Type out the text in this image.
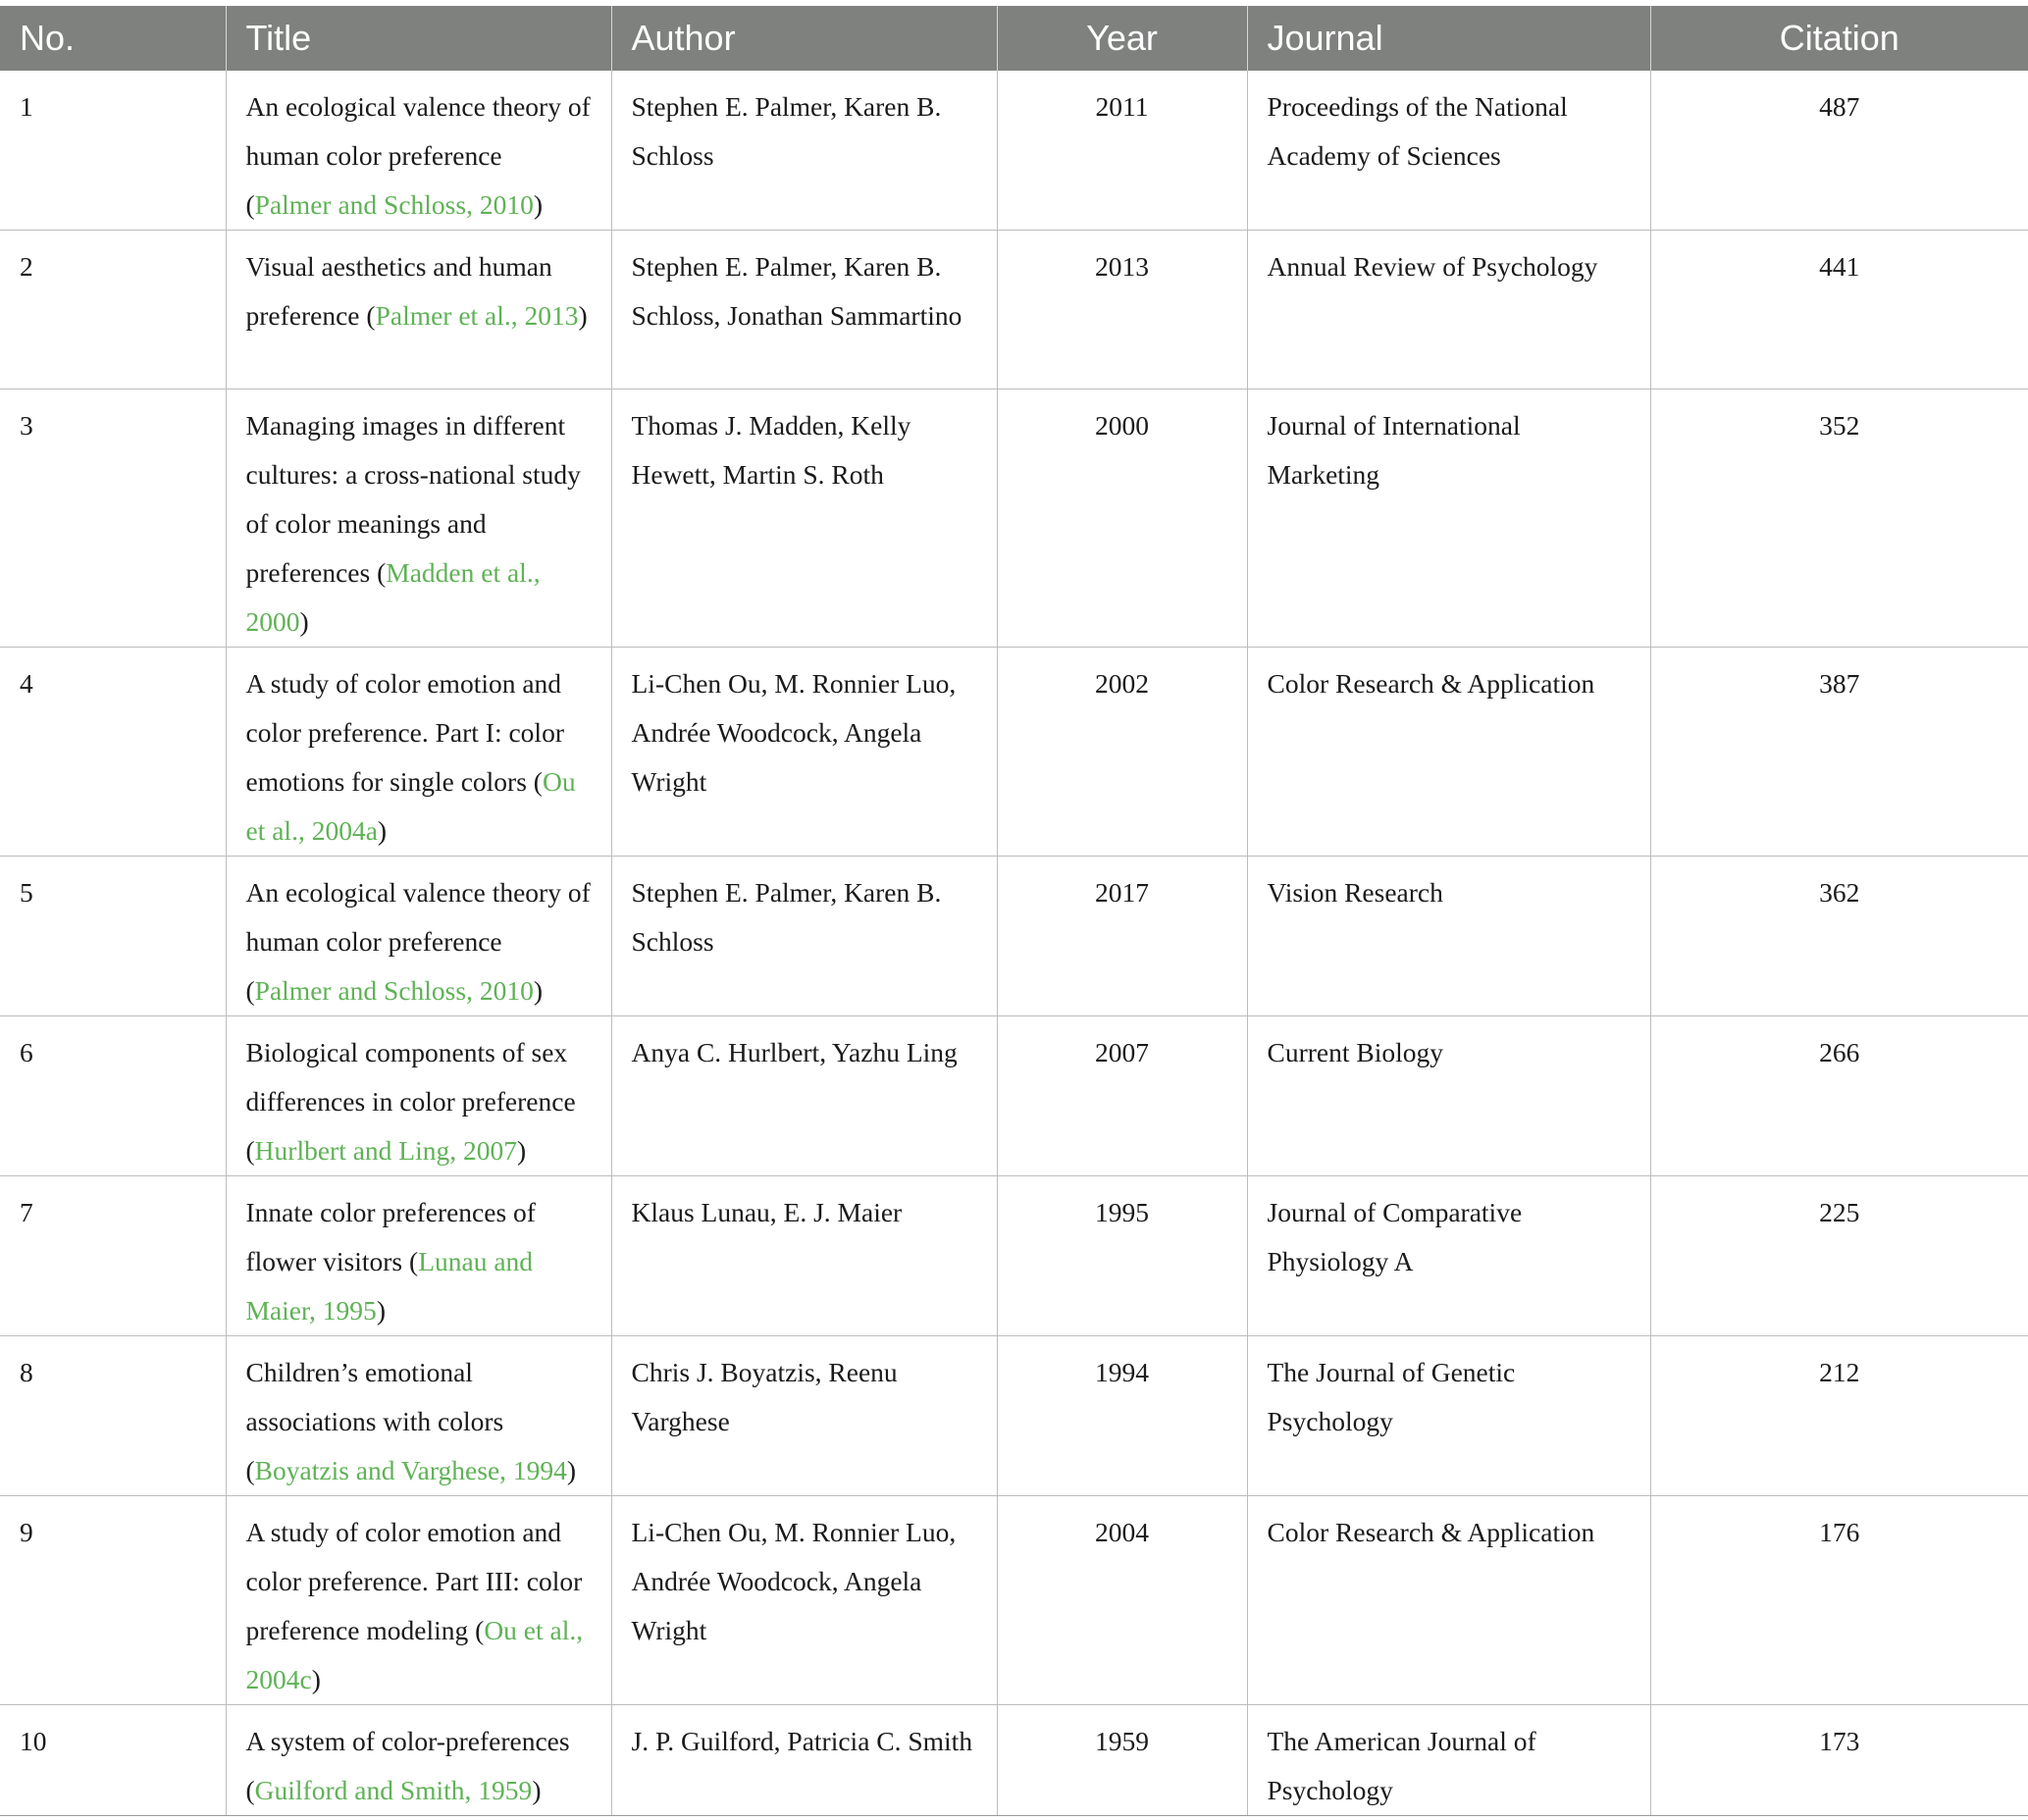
No.	Title	Author	Year	Journal	Citation
1	An ecological valence theory of human color preference (Palmer and Schloss, 2010)	Stephen E. Palmer, Karen B. Schloss	2011	Proceedings of the National Academy of Sciences	487
2	Visual aesthetics and human preference (Palmer et al., 2013)	Stephen E. Palmer, Karen B. Schloss, Jonathan Sammartino	2013	Annual Review of Psychology	441
3	Managing images in different cultures: a cross-national study of color meanings and preferences (Madden et al., 2000)	Thomas J. Madden, Kelly Hewett, Martin S. Roth	2000	Journal of International Marketing	352
4	A study of color emotion and color preference. Part I: color emotions for single colors (Ou et al., 2004a)	Li-Chen Ou, M. Ronnier Luo, Andrée Woodcock, Angela Wright	2002	Color Research & Application	387
5	An ecological valence theory of human color preference (Palmer and Schloss, 2010)	Stephen E. Palmer, Karen B. Schloss	2017	Vision Research	362
6	Biological components of sex differences in color preference (Hurlbert and Ling, 2007)	Anya C. Hurlbert, Yazhu Ling	2007	Current Biology	266
7	Innate color preferences of flower visitors (Lunau and Maier, 1995)	Klaus Lunau, E. J. Maier	1995	Journal of Comparative Physiology A	225
8	Children’s emotional associations with colors (Boyatzis and Varghese, 1994)	Chris J. Boyatzis, Reenu Varghese	1994	The Journal of Genetic Psychology	212
9	A study of color emotion and color preference. Part III: color preference modeling (Ou et al., 2004c)	Li-Chen Ou, M. Ronnier Luo, Andrée Woodcock, Angela Wright	2004	Color Research & Application	176
10	A system of color-preferences (Guilford and Smith, 1959)	J. P. Guilford, Patricia C. Smith	1959	The American Journal of Psychology	173
